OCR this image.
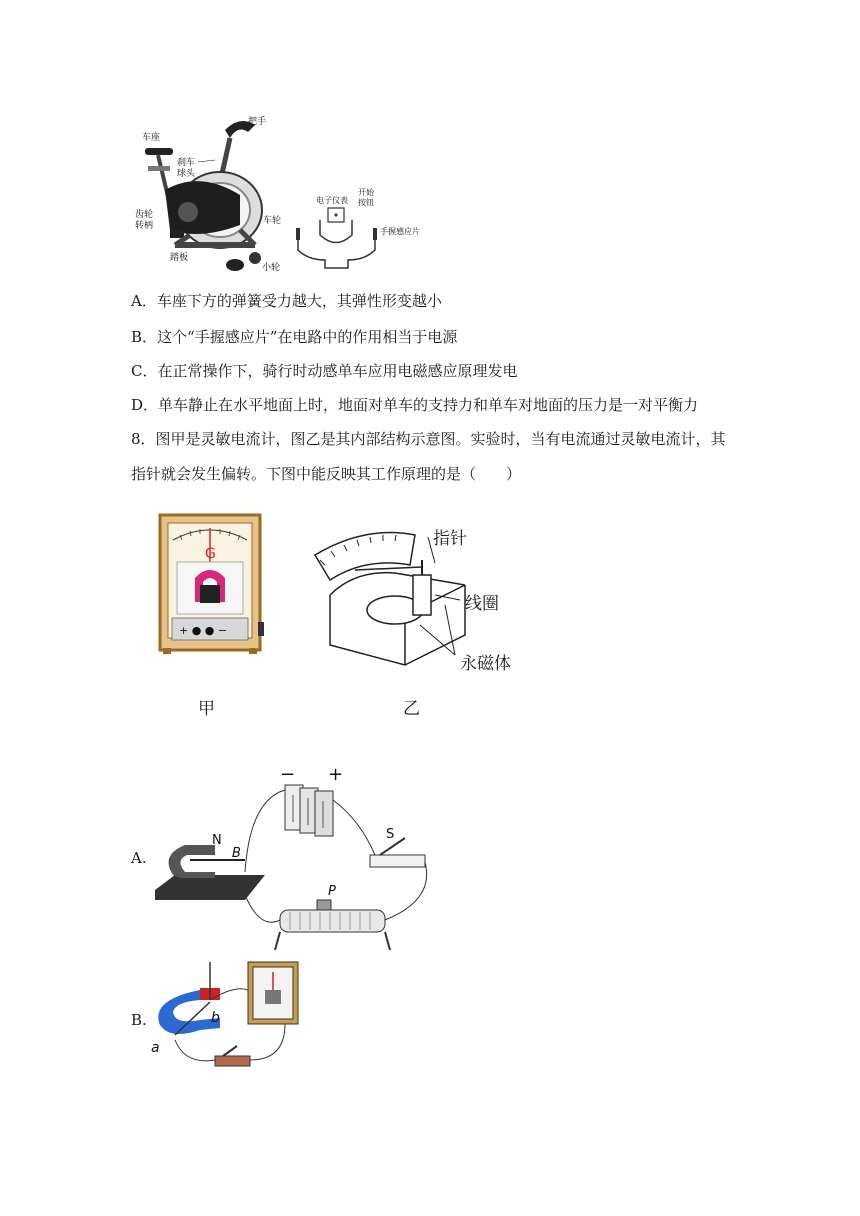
车座
把手
刹车球头
齿轮转柄	车轮
踏板
小轮
电子仪表
开始按钮
手握感应片
A．车座下方的弹簧受力越大，其弹性形变越小
B．这个“手握感应片”在电路中的作用相当于电源
C．在正常操作下，骑行时动感单车应用电磁感应原理发电
D．单车静止在水平地面上时，地面对单车的支持力和单车对地面的压力是一对平衡力
8．图甲是灵敏电流计，图乙是其内部结构示意图。实验时，当有电流通过灵敏电流计，其
指针就会发生偏转。下图中能反映其工作原理的是（　　）
G
+ ● ● −
指针
线圈
永磁体
甲	乙
A.
− +
N
B
S
P
B.
a
b
